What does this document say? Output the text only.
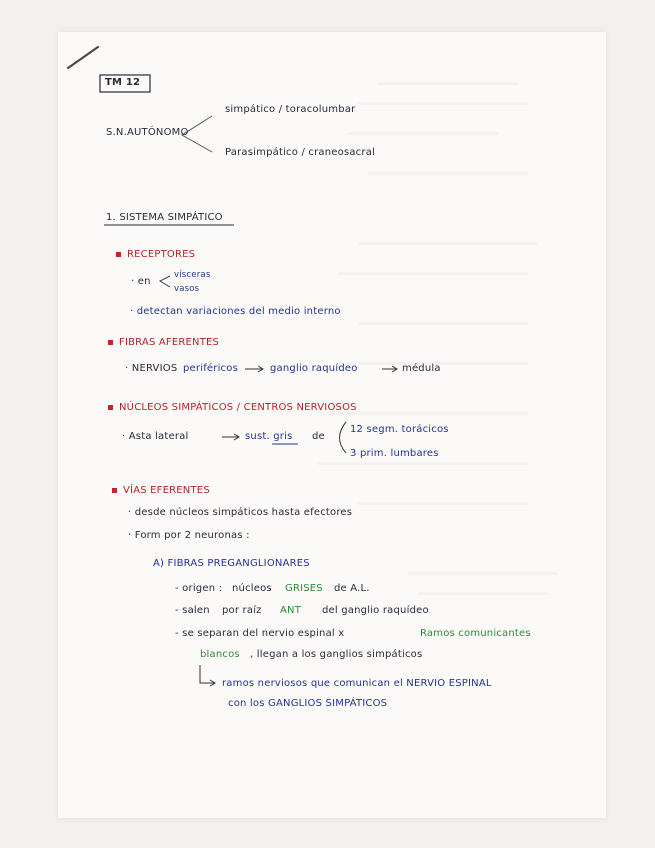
TM 12
S.N.AUTÓNOMO
simpático / toracolumbar
Parasimpático / craneosacral
1. SISTEMA SIMPÁTICO
RECEPTORES
· en
vísceras
vasos
· detectan variaciones del medio interno
FIBRAS AFERENTES
· NERVIOS periféricos	ganglio raquídeo	médula
NÚCLEOS SIMPÁTICOS / CENTROS NERVIOSOS
· Asta lateral	sust. gris de
12 segm. torácicos
3 prim. lumbares
VÍAS EFERENTES
· desde núcleos simpáticos hasta efectores
· Form por 2 neuronas :
A) FIBRAS PREGANGLIONARES
- origen : núcleos GRISES de A.L.
- salen por raíz ANT del ganglio raquídeo
- se separan del nervio espinal x	Ramos comunicantes
blancos , llegan a los ganglios simpáticos
ramos nerviosos que comunican el NERVIO ESPINAL
con los GANGLIOS SIMPÁTICOS
